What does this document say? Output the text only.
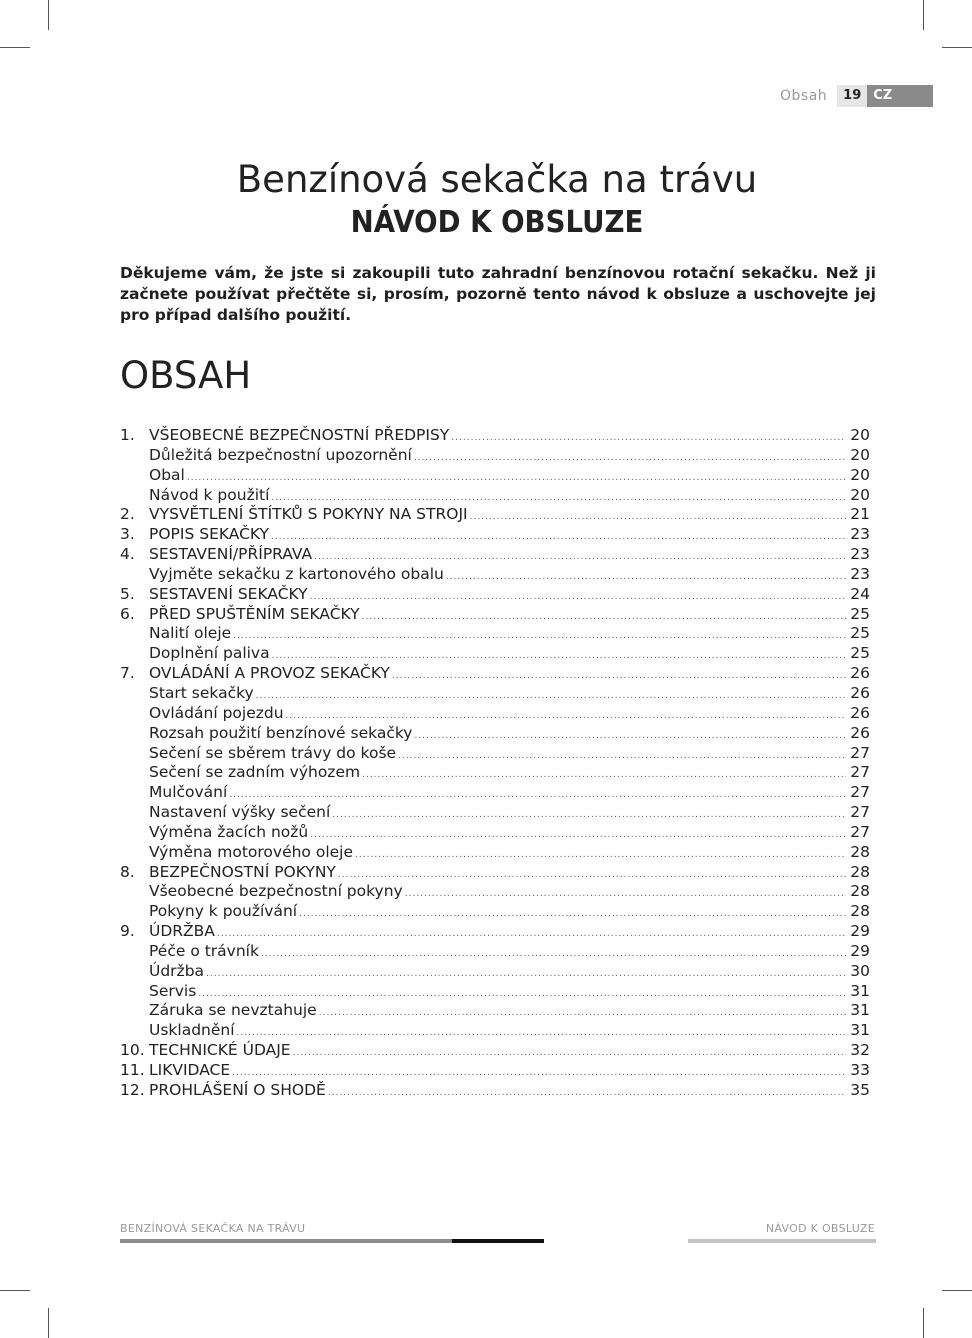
Obsah	19 CZ
Benzínová sekačka na trávu
NÁVOD K OBSLUZE

Děkujeme vám, že jste si zakoupili tuto zahradní benzínovou rotační sekačku. Než ji začnete používat přečtěte si, prosím, pozorně tento návod k obsluze a uschovejte jej pro případ dalšího použití.

OBSAH
1. VŠEOBECNÉ BEZPEČNOSTNÍ PŘEDPISY .....	20
Důležitá bezpečnostní upozornění .....	20
Obal .....	20
Návod k použití .....	20
2. VYSVĚTLENÍ ŠTÍTKŮ S POKYNY NA STROJI .....	21
3. POPIS SEKAČKY .....	23
4. SESTAVENÍ/PŘÍPRAVA .....	23
Vyjměte sekačku z kartonového obalu .....	23
5. SESTAVENÍ SEKAČKY .....	24
6. PŘED SPUŠTĚNÍM SEKAČKY .....	25
Nalití oleje .....	25
Doplnění paliva .....	25
7. OVLÁDÁNÍ A PROVOZ SEKAČKY .....	26
Start sekačky .....	26
Ovládání pojezdu .....	26
Rozsah použití benzínové sekačky .....	26
Sečení se sběrem trávy do koše .....	27
Sečení se zadním výhozem .....	27
Mulčování .....	27
Nastavení výšky sečení .....	27
Výměna žacích nožů .....	27
Výměna motorového oleje .....	28
8. BEZPEČNOSTNÍ POKYNY .....	28
Všeobecné bezpečnostní pokyny .....	28
Pokyny k používání .....	28
9. ÚDRŽBA .....	29
Péče o trávník .....	29
Údržba .....	30
Servis .....	31
Záruka se nevztahuje .....	31
Uskladnění .....	31
10. TECHNICKÉ ÚDAJE .....	32
11. LIKVIDACE .....	33
12. PROHLÁŠENÍ O SHODĚ .....	35
BENZÍNOVÁ SEKAČKA NA TRÁVU	NÁVOD K OBSLUZE
